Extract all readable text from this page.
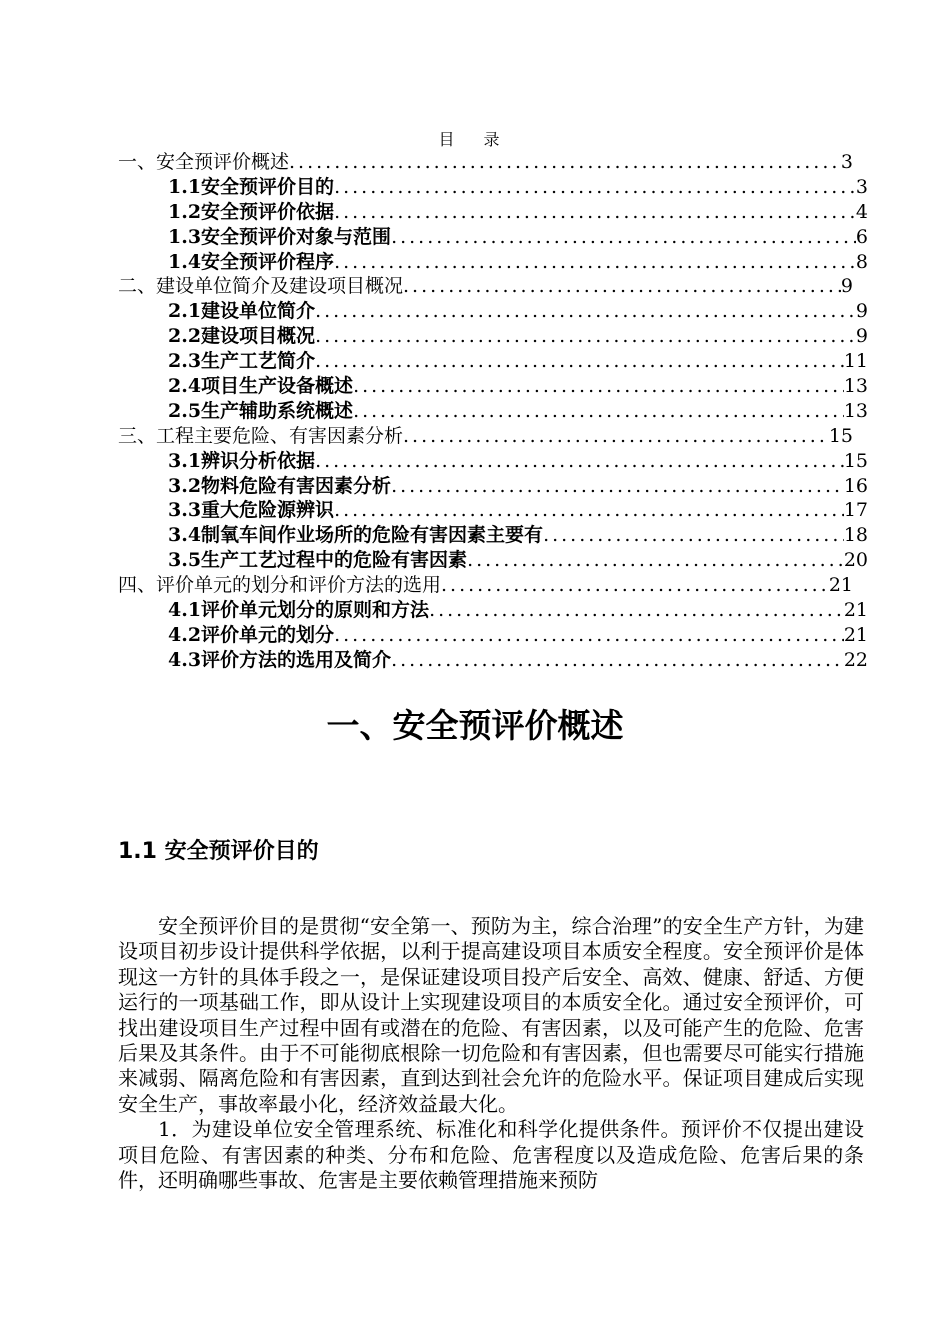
目 录
一、安全预评价概述 .....	3
1.1安全预评价目的 .....	3
1.2安全预评价依据 .....	4
1.3安全预评价对象与范围 .....	6
1.4安全预评价程序 .....	8
二、建设单位简介及建设项目概况 .....	9
2.1建设单位简介 .....	9
2.2建设项目概况 .....	9
2.3生产工艺简介 .....	11
2.4项目生产设备概述 .....	13
2.5生产辅助系统概述 .....	13
三、工程主要危险、有害因素分析 .....	15
3.1辨识分析依据 .....	15
3.2物料危险有害因素分析 .....	16
3.3重大危险源辨识 .....	17
3.4制氧车间作业场所的危险有害因素主要有 .....	18
3.5生产工艺过程中的危险有害因素 .....	20
四、评价单元的划分和评价方法的选用 .....	21
4.1评价单元划分的原则和方法 .....	21
4.2评价单元的划分 .....	21
4.3评价方法的选用及简介 .....	22
一、安全预评价概述
1.1 安全预评价目的

安全预评价目的是贯彻“安全第一、预防为主，综合治理”的安全生产方针，为建设项目初步设计提供科学依据，以利于提高建设项目本质安全程度。安全预评价是体现这一方针的具体手段之一，是保证建设项目投产后安全、高效、健康、舒适、方便运行的一项基础工作，即从设计上实现建设项目的本质安全化。通过安全预评价，可找出建设项目生产过程中固有或潜在的危险、有害因素，以及可能产生的危险、危害后果及其条件。由于不可能彻底根除一切危险和有害因素，但也需要尽可能实行措施来减弱、隔离危险和有害因素，直到达到社会允许的危险水平。保证项目建成后实现安全生产，事故率最小化，经济效益最大化。

1．为建设单位安全管理系统、标准化和科学化提供条件。预评价不仅提出建设项目危险、有害因素的种类、分布和危险、危害程度以及造成危险、危害后果的条件，还明确哪些事故、危害是主要依赖管理措施来预防
